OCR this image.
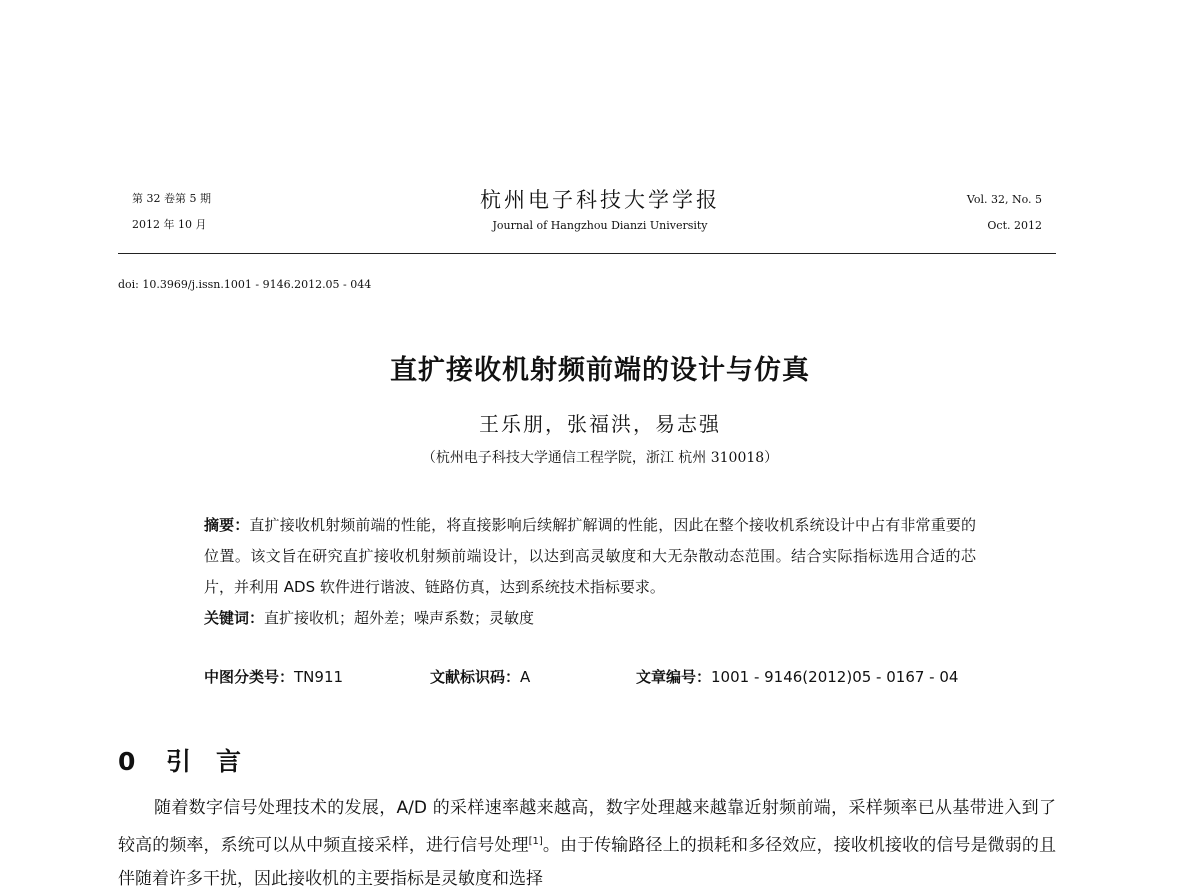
第 32 卷第 5 期
2012 年 10 月
杭州电子科技大学学报
Journal of Hangzhou Dianzi University
Vol. 32, No. 5
Oct. 2012
doi: 10.3969/j.issn.1001 - 9146.2012.05 - 044
直扩接收机射频前端的设计与仿真
王乐朋，张福洪，易志强
（杭州电子科技大学通信工程学院，浙江 杭州 310018）
摘要：直扩接收机射频前端的性能，将直接影响后续解扩解调的性能，因此在整个接收机系统设计中占有非常重要的位置。该文旨在研究直扩接收机射频前端设计，以达到高灵敏度和大无杂散动态范围。结合实际指标选用合适的芯片，并利用 ADS 软件进行谐波、链路仿真，达到系统技术指标要求。
关键词：直扩接收机；超外差；噪声系数；灵敏度
中图分类号：TN911	文献标识码：A	文章编号：1001 - 9146(2012)05 - 0167 - 04
0 引　言
随着数字信号处理技术的发展，A/D 的采样速率越来越高，数字处理越来越靠近射频前端，采样频率已从基带进入到了较高的频率，系统可以从中频直接采样，进行信号处理[1]。由于传输路径上的损耗和多径效应，接收机接收的信号是微弱的且伴随着许多干扰，因此接收机的主要指标是灵敏度和选择
